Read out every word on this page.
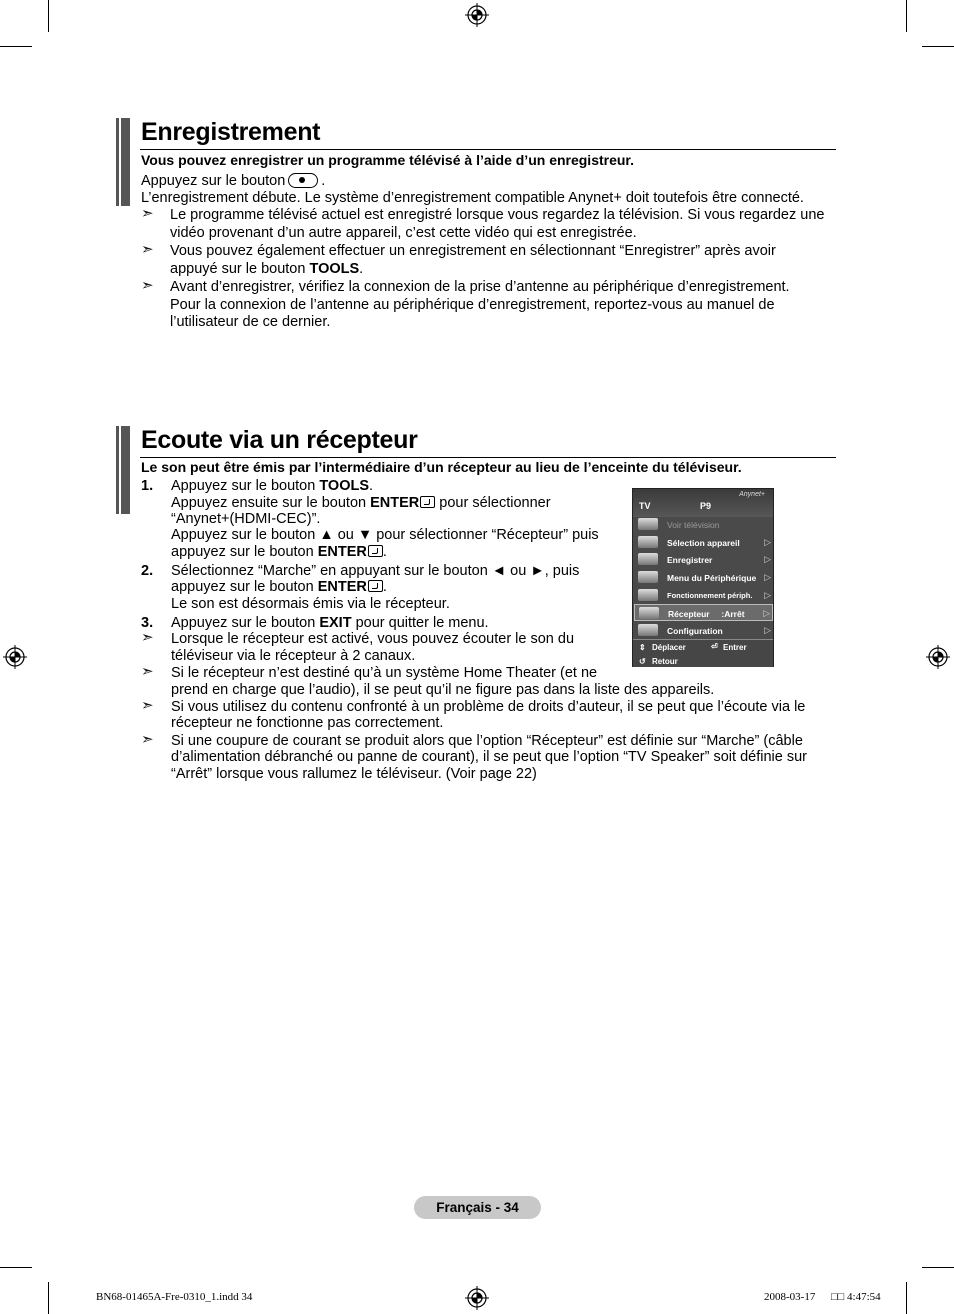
Enregistrement
Vous pouvez enregistrer un programme télévisé à l’aide d’un enregistreur.
Appuyez sur le bouton .
L’enregistrement débute. Le système d’enregistrement compatible Anynet+ doit toutefois être connecté.
➣ Le programme télévisé actuel est enregistré lorsque vous regardez la télévision. Si vous regardez une
vidéo provenant d’un autre appareil, c’est cette vidéo qui est enregistrée.
➣ Vous pouvez également effectuer un enregistrement en sélectionnant “Enregistrer” après avoir
appuyé sur le bouton TOOLS.
➣ Avant d’enregistrer, vérifiez la connexion de la prise d’antenne au périphérique d’enregistrement.
Pour la connexion de l’antenne au périphérique d’enregistrement, reportez-vous au manuel de
l’utilisateur de ce dernier.
Ecoute via un récepteur
Le son peut être émis par l’intermédiaire d’un récepteur au lieu de l’enceinte du téléviseur.
1. Appuyez sur le bouton TOOLS.
Appuyez ensuite sur le bouton ENTER pour sélectionner
“Anynet+(HDMI-CEC)”.
Appuyez sur le bouton ▲ ou ▼ pour sélectionner “Récepteur” puis
appuyez sur le bouton ENTER .
2. Sélectionnez “Marche” en appuyant sur le bouton ◄ ou ►, puis
appuyez sur le bouton ENTER .
Le son est désormais émis via le récepteur.
3. Appuyez sur le bouton EXIT pour quitter le menu.
➣ Lorsque le récepteur est activé, vous pouvez écouter le son du
téléviseur via le récepteur à 2 canaux.
➣ Si le récepteur n’est destiné qu’à un système Home Theater (et ne
prend en charge que l’audio), il se peut qu’il ne figure pas dans la liste des appareils.
➣ Si vous utilisez du contenu confronté à un problème de droits d’auteur, il se peut que l’écoute via le
récepteur ne fonctionne pas correctement.
➣ Si une coupure de courant se produit alors que l’option “Récepteur” est définie sur “Marche” (câble
d’alimentation débranché ou panne de courant), il se peut que l’option “TV Speaker” soit définie sur
“Arrêt” lorsque vous rallumez le téléviseur. (Voir page 22)
TV	P9
Anynet+
Voir télévision
Sélection appareil	▷
Enregistrer	▷
Menu du Périphérique ▷
Fonctionnement périph. ▷
Récepteur     :Arrêt ▷
Configuration	▷
⇕ Déplacer	⏎ Entrer
↺ Retour
Français - 34
BN68-01465A-Fre-0310_1.indd 34	2008-03-17 □□ 4:47:54
